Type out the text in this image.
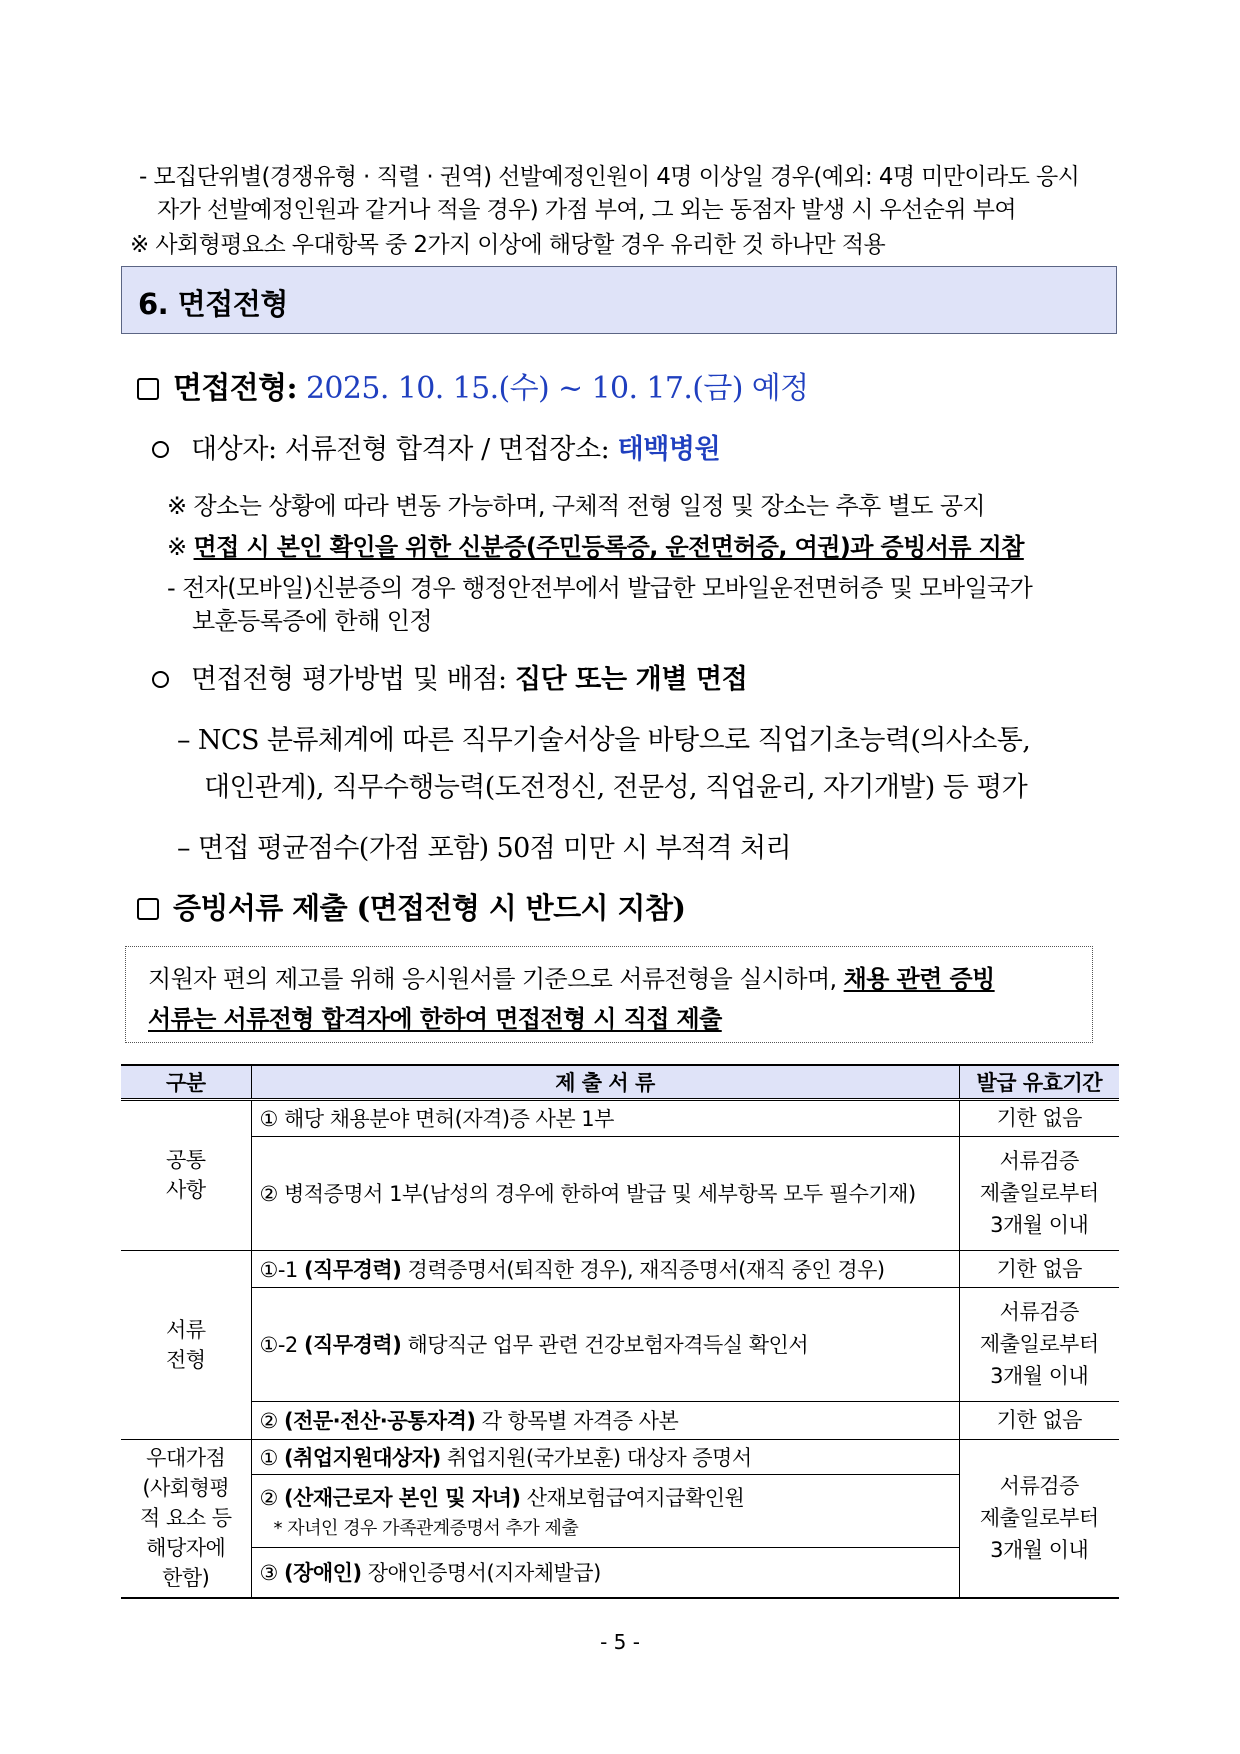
- 모집단위별(경쟁유형 · 직렬 · 권역) 선발예정인원이 4명 이상일 경우(예외: 4명 미만이라도 응시
자가 선발예정인원과 같거나 적을 경우) 가점 부여, 그 외는 동점자 발생 시 우선순위 부여
※ 사회형평요소 우대항목 중 2가지 이상에 해당할 경우 유리한 것 하나만 적용
6. 면접전형
면접전형: 2025. 10. 15.(수) ~ 10. 17.(금) 예정
대상자: 서류전형 합격자 / 면접장소: 태백병원
※ 장소는 상황에 따라 변동 가능하며, 구체적 전형 일정 및 장소는 추후 별도 공지
※ 면접 시 본인 확인을 위한 신분증(주민등록증, 운전면허증, 여권)과 증빙서류 지참
- 전자(모바일)신분증의 경우 행정안전부에서 발급한 모바일운전면허증 및 모바일국가
보훈등록증에 한해 인정
면접전형 평가방법 및 배점: 집단 또는 개별 면접
– NCS 분류체계에 따른 직무기술서상을 바탕으로 직업기초능력(의사소통,
대인관계), 직무수행능력(도전정신, 전문성, 직업윤리, 자기개발) 등 평가
– 면접 평균점수(가점 포함) 50점 미만 시 부적격 처리
증빙서류 제출 (면접전형 시 반드시 지참)
지원자 편의 제고를 위해 응시원서를 기준으로 서류전형을 실시하며, 채용 관련 증빙
서류는 서류전형 합격자에 한하여 면접전형 시 직접 제출
구분	제 출 서 류	발급 유효기간
공통
사항	① 해당 채용분야 면허(자격)증 사본 1부	기한 없음
	② 병적증명서 1부(남성의 경우에 한하여 발급 및 세부항목 모두 필수기재)	서류검증
제출일로부터
3개월 이내
서류
전형	①-1 (직무경력) 경력증명서(퇴직한 경우), 재직증명서(재직 중인 경우)	기한 없음
	①-2 (직무경력) 해당직군 업무 관련 건강보험자격득실 확인서	서류검증
제출일로부터
3개월 이내
	② (전문·전산·공통자격) 각 항목별 자격증 사본	기한 없음
우대가점
(사회형평
적 요소 등
해당자에
한함)	① (취업지원대상자) 취업지원(국가보훈) 대상자 증명서	서류검증
제출일로부터
3개월 이내
	② (산재근로자 본인 및 자녀) 산재보험급여지급확인원
* 자녀인 경우 가족관계증명서 추가 제출	

	③ (장애인) 장애인증명서(지자체발급)	
- 5 -
